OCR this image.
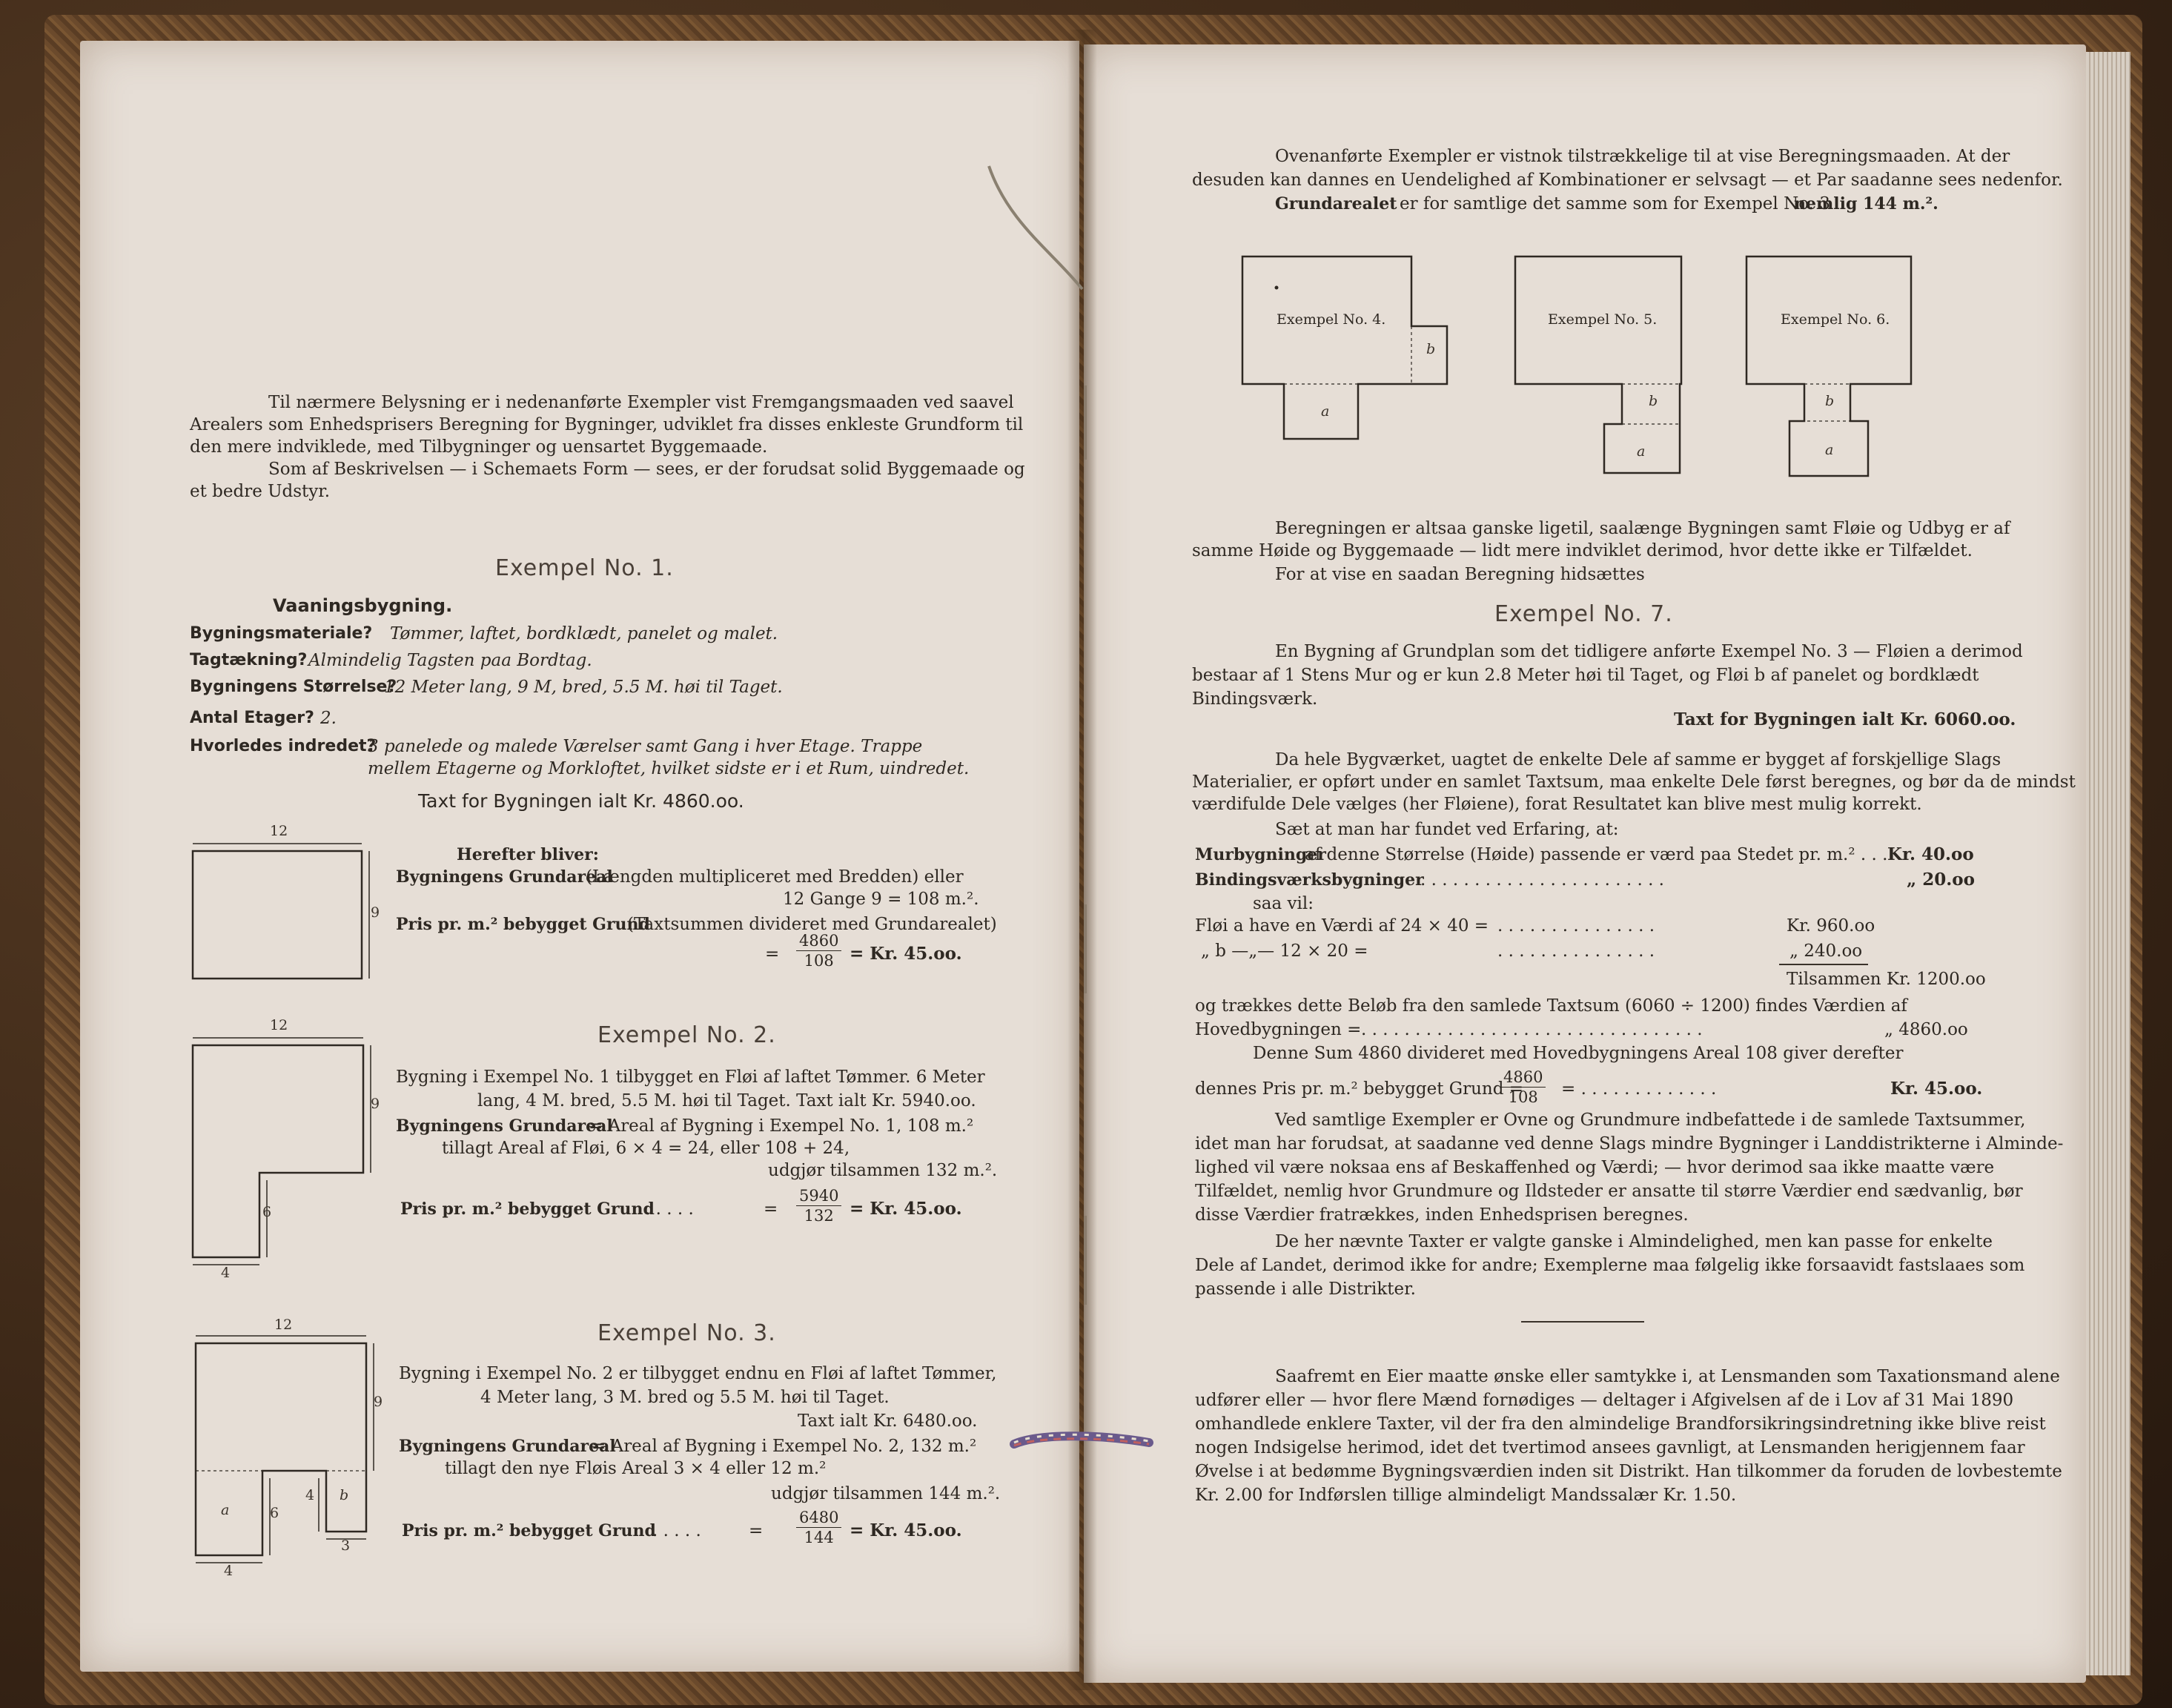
Til nærmere Belysning er i nedenanførte Exempler vist Fremgangsmaaden ved saavel
Arealers som Enhedsprisers Beregning for Bygninger, udviklet fra disses enkleste Grundform til
den mere indviklede, med Tilbygninger og uensartet Byggemaade.
Som af Beskrivelsen — i Schemaets Form — sees, er der forudsat solid Byggemaade og
et bedre Udstyr.
Exempel No. 1.
Vaaningsbygning.
Bygningsmateriale? Tømmer, laftet, bordklædt, panelet og malet.
Tagtækning? Almindelig Tagsten paa Bordtag.
Bygningens Størrelse?
12 Meter lang, 9 M, bred, 5.5 M. høi til Taget.
Antal Etager? 2.
Hvorledes indredet?
3 panelede og malede Værelser samt Gang i hver Etage. Trappe
mellem Etagerne og Morkloftet, hvilket sidste er i et Rum, uindredet.
Taxt for Bygningen ialt Kr. 4860.oo.
12
9
Herefter bliver:
Bygningens Grundareal
(Længden multipliceret med Bredden) eller
12 Gange 9 = 108 m.².
Pris pr. m.² bebygget Grund
(Taxtsummen divideret med Grundarealet)
= $\frac{4860}{108} = Kr$. 45.oo.
Exempel No. 2.
12
9
6
4
Bygning i Exempel No. 1 tilbygget en Fløi af laftet Tømmer. 6 Meter
lang, 4 M. bred, 5.5 M. høi til Taget. Taxt ialt Kr. 5940.oo.
Bygningens Grundareal
= Areal af Bygning i Exempel No. 1, 108 m.²
tillagt Areal af Fløi, 6 × 4 = 24, eller 108 + 24,
udgjør tilsammen 132 m.².
Pris pr. m.² bebygget Grund
. . . . .	= $\frac{5940}{132} = Kr$. 45.oo.
Exempel No. 3.
12
9
a
b
6
4
4
3
Bygning i Exempel No. 2 er tilbygget endnu en Fløi af laftet Tømmer,
4 Meter lang, 3 M. bred og 5.5 M. høi til Taget.
Taxt ialt Kr. 6480.oo.
Bygningens Grundareal
= Areal af Bygning i Exempel No. 2, 132 m.²
tillagt den nye Fløis Areal 3 × 4 eller 12 m.²
udgjør tilsammen 144 m.².
Pris pr. m.² bebygget Grund
. . . . .	= $\frac{6480}{144} = Kr$. 45.oo.
Ovenanførte Exempler er vistnok tilstrækkelige til at vise Beregningsmaaden. At der
desuden kan dannes en Uendelighed af Kombinationer er selvsagt — et Par saadanne sees nedenfor.
Grundarealet er for samtlige det samme som for Exempel No. 3
nemlig 144 m.².
Exempel No. 4.
b
a
Exempel No. 5.
b
a
Exempel No. 6.
b
a
Beregningen er altsaa ganske ligetil, saalænge Bygningen samt Fløie og Udbyg er af
samme Høide og Byggemaade — lidt mere indviklet derimod, hvor dette ikke er Tilfældet.
For at vise en saadan Beregning hidsættes
Exempel No. 7.
En Bygning af Grundplan som det tidligere anførte Exempel No. 3 — Fløien a derimod
bestaar af 1 Stens Mur og er kun 2.8 Meter høi til Taget, og Fløi b af panelet og bordklædt
Bindingsværk.
Taxt for Bygningen ialt Kr. 6060.oo.
Da hele Bygværket, uagtet de enkelte Dele af samme er bygget af forskjellige Slags
Materialier, er opført under en samlet Taxtsum, maa enkelte Dele først beregnes, og bør da de mindst
værdifulde Dele vælges (her Fløiene), forat Resultatet kan blive mest mulig korrekt.
Sæt at man har fundet ved Erfaring, at:
Murbygninger
af denne Størrelse (Høide) passende er værd paa Stedet pr. m.² . . . Kr. 40.oo
Bindingsværksbygninger
. . . . . . . . . . . . . . . . . . . . . . .	„ 20.oo
saa vil:
Fløi a have en Værdi af 24 × 40 = . . . . . . . . . . . . . . .	Kr. 960.oo
„ b —„— 12 × 20 =	. . . . . . . . . . . . . . .	„ 240.oo
Tilsammen Kr. 1200.oo
og trækkes dette Beløb fra den samlede Taxtsum (6060 ÷ 1200) findes Værdien af
Hovedbygningen = . . . . . . . . . . . . . . . . . . . . . . . . . . . . . . . .	„ 4860.oo
Denne Sum 4860 divideret med Hovedbygningens Areal 108 giver derefter
dennes Pris pr. m.² bebygget Grund =
$\frac{4860}{108}$ = . . . . . . . . . . . . .	Kr. 45.oo.
Ved samtlige Exempler er Ovne og Grundmure indbefattede i de samlede Taxtsummer,
idet man har forudsat, at saadanne ved denne Slags mindre Bygninger i Landdistrikterne i Alminde-
lighed vil være noksaa ens af Beskaffenhed og Værdi; — hvor derimod saa ikke maatte være
Tilfældet, nemlig hvor Grundmure og Ildsteder er ansatte til større Værdier end sædvanlig, bør
disse Værdier fratrækkes, inden Enhedsprisen beregnes.
De her nævnte Taxter er valgte ganske i Almindelighed, men kan passe for enkelte
Dele af Landet, derimod ikke for andre; Exemplerne maa følgelig ikke forsaavidt fastslaaes som
passende i alle Distrikter.
Saafremt en Eier maatte ønske eller samtykke i, at Lensmanden som Taxationsmand alene
udfører eller — hvor flere Mænd fornødiges — deltager i Afgivelsen af de i Lov af 31 Mai 1890
omhandlede enklere Taxter, vil der fra den almindelige Brandforsikringsindretning ikke blive reist
nogen Indsigelse herimod, idet det tvertimod ansees gavnligt, at Lensmanden herigjennem faar
Øvelse i at bedømme Bygningsværdien inden sit Distrikt. Han tilkommer da foruden de lovbestemte
Kr. 2.00 for Indførslen tillige almindeligt Mandssalær Kr. 1.50.
